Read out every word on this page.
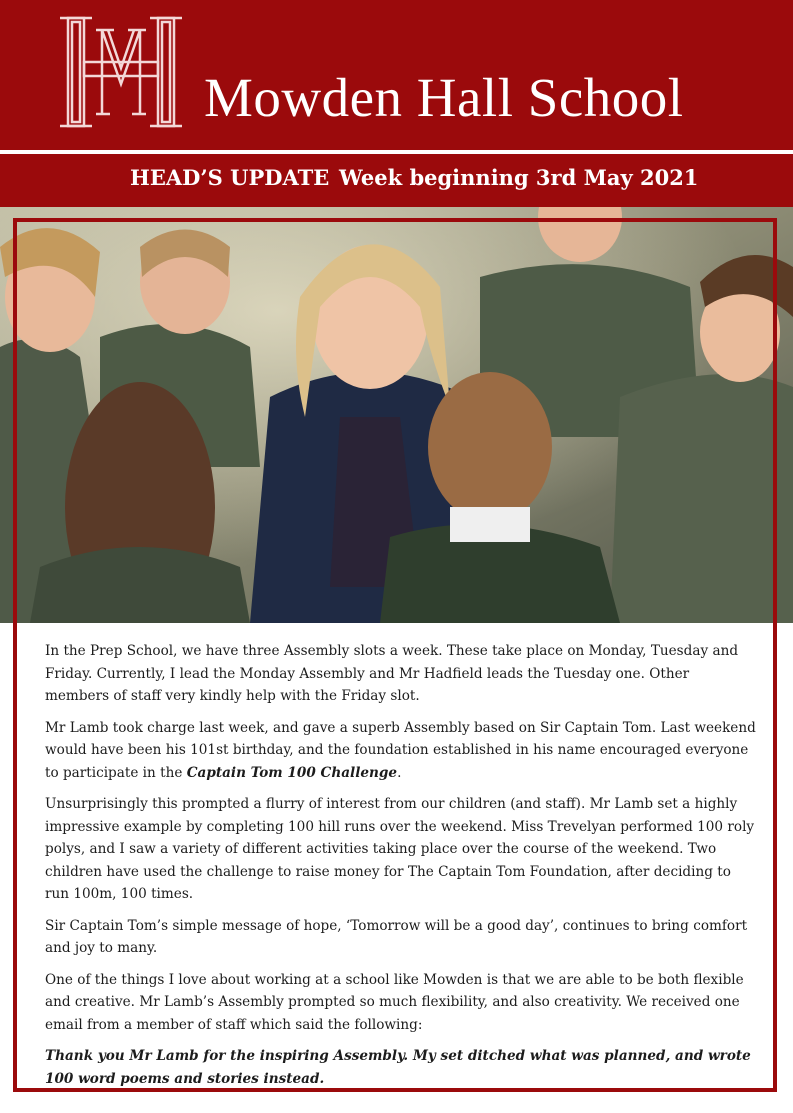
Mowden Hall School
HEAD’S UPDATE Week beginning 3rd May 2021

In the Prep School, we have three Assembly slots a week. These take place on Monday, Tuesday and Friday. Currently, I lead the Monday Assembly and Mr Hadfield leads the Tuesday one. Other members of staff very kindly help with the Friday slot.

Mr Lamb took charge last week, and gave a superb Assembly based on Sir Captain Tom. Last weekend would have been his 101st birthday, and the foundation established in his name encouraged everyone to participate in the Captain Tom 100 Challenge.

Unsurprisingly this prompted a flurry of interest from our children (and staff). Mr Lamb set a highly impressive example by completing 100 hill runs over the weekend. Miss Trevelyan performed 100 roly polys, and I saw a variety of different activities taking place over the course of the weekend. Two children have used the challenge to raise money for The Captain Tom Foundation, after deciding to run 100m, 100 times.

Sir Captain Tom’s simple message of hope, ‘Tomorrow will be a good day’, continues to bring comfort and joy to many.

One of the things I love about working at a school like Mowden is that we are able to be both flexible and creative. Mr Lamb’s Assembly prompted so much flexibility, and also creativity. We received one email from a member of staff which said the following:

Thank you Mr Lamb for the inspiring Assembly. My set ditched what was planned, and wrote 100 word poems and stories instead.
